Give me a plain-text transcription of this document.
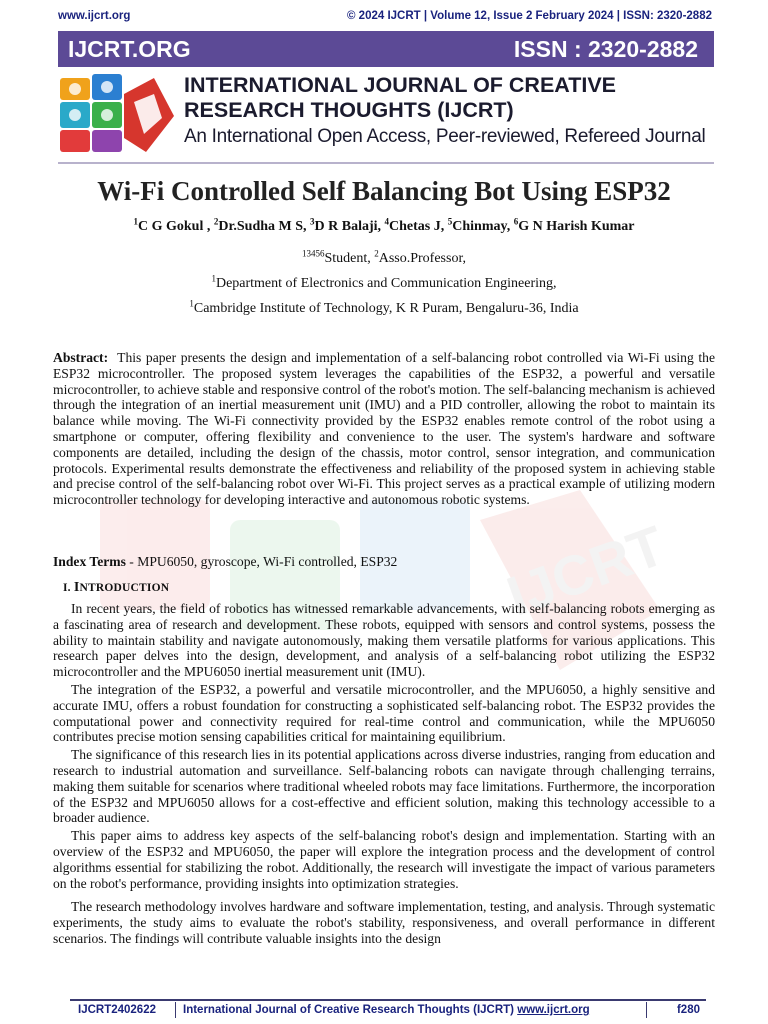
www.ijcrt.org	© 2024 IJCRT | Volume 12, Issue 2 February 2024 | ISSN: 2320-2882
IJCRT.ORG	ISSN : 2320-2882
INTERNATIONAL JOURNAL OF CREATIVE
RESEARCH THOUGHTS (IJCRT)
An International Open Access, Peer-reviewed, Refereed Journal
IJCRT
Wi-Fi Controlled Self Balancing Bot Using ESP32
$^1$C G Gokul , $^2$Dr.Sudha M S, $^3$D R Balaji, $^4$Chetas J, $^5$Chinmay, $^6$G N Harish Kumar
$^{13456}$Student, $^2$Asso.Professor,
$^1$Department of Electronics and Communication Engineering,
$^1$Cambridge Institute of Technology, K R Puram, Bengaluru-36, India
Abstract: This paper presents the design and implementation of a self-balancing robot controlled via Wi-Fi using the ESP32 microcontroller. The proposed system leverages the capabilities of the ESP32, a powerful and versatile microcontroller, to achieve stable and responsive control of the robot's motion. The self-balancing mechanism is achieved through the integration of an inertial measurement unit (IMU) and a PID controller, allowing the robot to maintain its balance while moving. The Wi-Fi connectivity provided by the ESP32 enables remote control of the robot using a smartphone or computer, offering flexibility and convenience to the user. The system's hardware and software components are detailed, including the design of the chassis, motor control, sensor integration, and communication protocols. Experimental results demonstrate the effectiveness and reliability of the proposed system in achieving stable and precise control of the self-balancing robot over Wi-Fi. This project serves as a practical example of utilizing modern microcontroller technology for developing interactive and autonomous robotic systems.
Index Terms - MPU6050, gyroscope, Wi-Fi controlled, ESP32
I. INTRODUCTION

In recent years, the field of robotics has witnessed remarkable advancements, with self-balancing robots emerging as a fascinating area of research and development. These robots, equipped with sensors and control systems, possess the ability to maintain stability and navigate autonomously, making them versatile platforms for various applications. This research paper delves into the design, development, and analysis of a self-balancing robot utilizing the ESP32 microcontroller and the MPU6050 inertial measurement unit (IMU).

The integration of the ESP32, a powerful and versatile microcontroller, and the MPU6050, a highly sensitive and accurate IMU, offers a robust foundation for constructing a sophisticated self-balancing robot. The ESP32 provides the computational power and connectivity required for real-time control and communication, while the MPU6050 contributes precise motion sensing capabilities critical for maintaining equilibrium.

The significance of this research lies in its potential applications across diverse industries, ranging from education and research to industrial automation and surveillance. Self-balancing robots can navigate through challenging terrains, making them suitable for scenarios where traditional wheeled robots may face limitations. Furthermore, the incorporation of the ESP32 and MPU6050 allows for a cost-effective and efficient solution, making this technology accessible to a broader audience.

This paper aims to address key aspects of the self-balancing robot's design and implementation. Starting with an overview of the ESP32 and MPU6050, the paper will explore the integration process and the development of control algorithms essential for stabilizing the robot. Additionally, the research will investigate the impact of various parameters on the robot's performance, providing insights into optimization strategies.

The research methodology involves hardware and software implementation, testing, and analysis. Through systematic experiments, the study aims to evaluate the robot's stability, responsiveness, and overall performance in different scenarios. The findings will contribute valuable insights into the design

IJCRT2402622 International Journal of Creative Research Thoughts (IJCRT) www.ijcrt.org	f280
